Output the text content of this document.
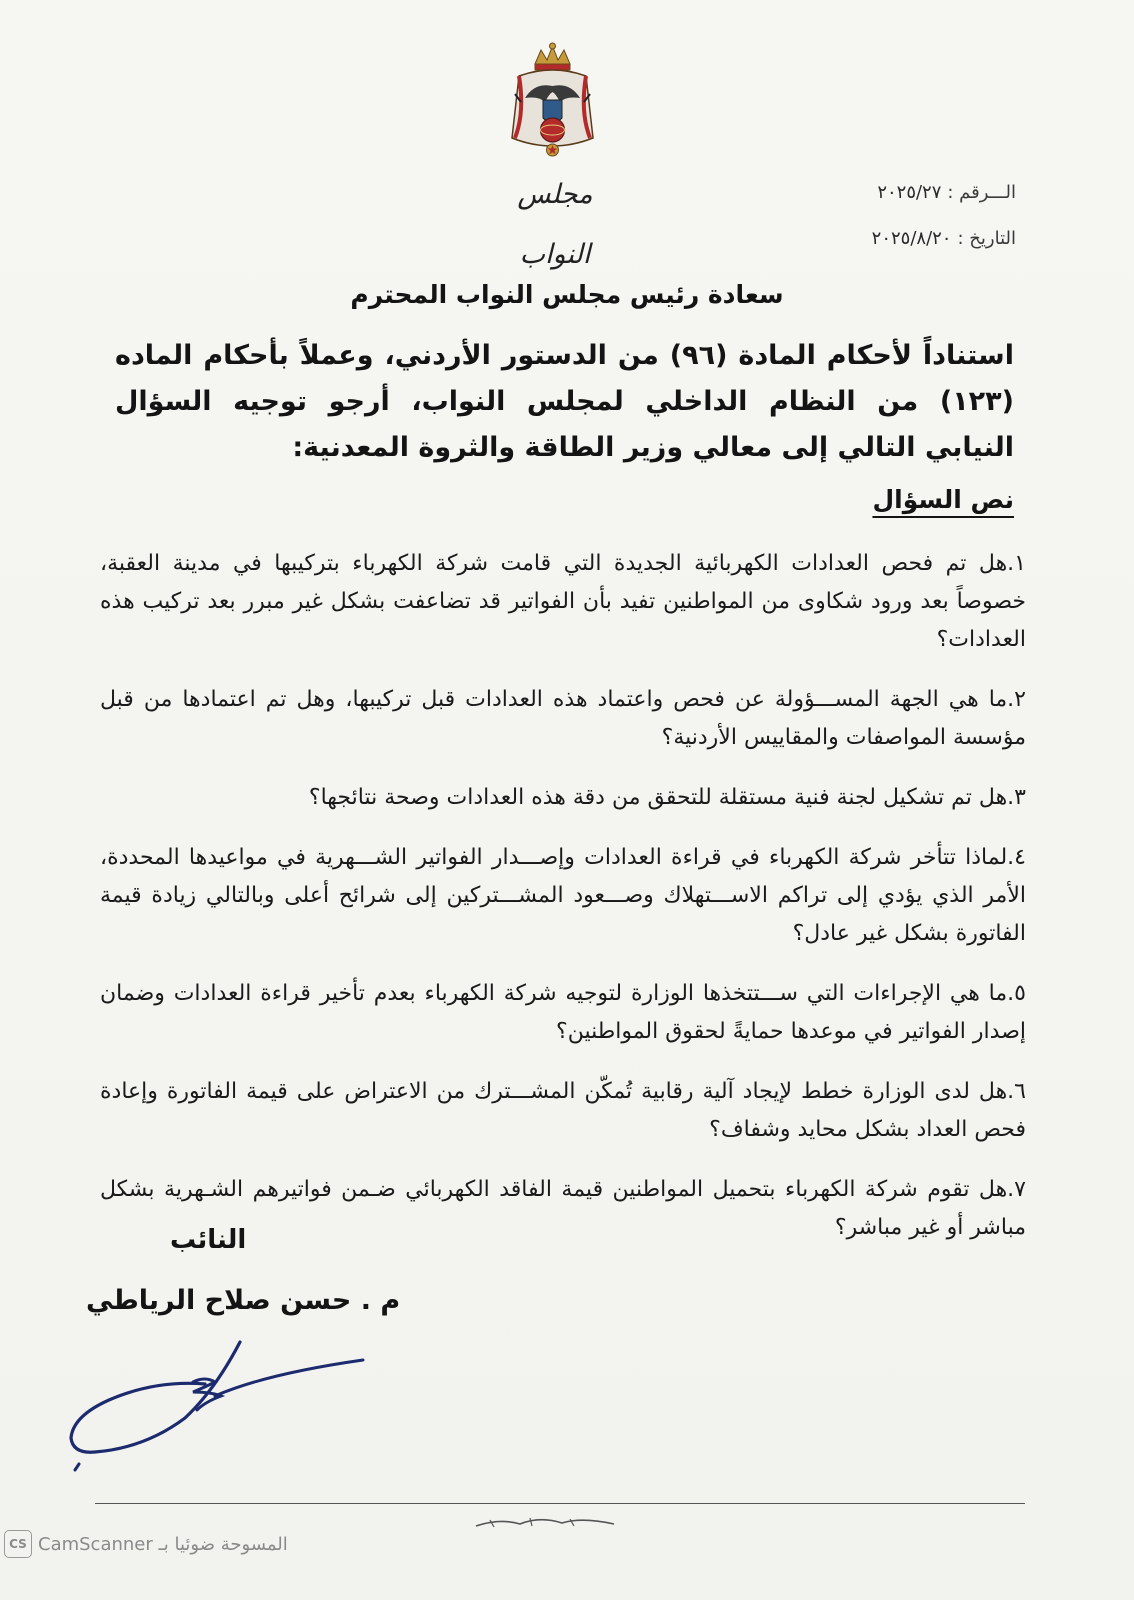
مجلس النواب
الـــرقم :٢٠٢٥/٢٧
التاريخ :٢٠٢٥/٨/٢٠
سعادة رئيس مجلس النواب المحترم
استناداً لأحكام المادة (٩٦) من الدستور الأردني، وعملاً بأحكام الماده (١٢٣) من النظام الداخلي لمجلس النواب، أرجو توجيه السؤال النيابي التالي إلى معالي وزير الطاقة والثروة المعدنية:
نص السؤال
١.هل تم فحص العدادات الكهربائية الجديدة التي قامت شركة الكهرباء بتركيبها في مدينة العقبة، خصوصاً بعد ورود شكاوى من المواطنين تفيد بأن الفواتير قد تضاعفت بشكل غير مبرر بعد تركيب هذه العدادات؟
٢.ما هي الجهة المســـؤولة عن فحص واعتماد هذه العدادات قبل تركيبها، وهل تم اعتمادها من قبل مؤسسة المواصفات والمقاييس الأردنية؟
٣.هل تم تشكيل لجنة فنية مستقلة للتحقق من دقة هذه العدادات وصحة نتائجها؟
٤.لماذا تتأخر شركة الكهرباء في قراءة العدادات وإصـــدار الفواتير الشـــهرية في مواعيدها المحددة، الأمر الذي يؤدي إلى تراكم الاســـتهلاك وصـــعود المشـــتركين إلى شرائح أعلى وبالتالي زيادة قيمة الفاتورة بشكل غير عادل؟
٥.ما هي الإجراءات التي ســـتتخذها الوزارة لتوجيه شركة الكهرباء بعدم تأخير قراءة العدادات وضمان إصدار الفواتير في موعدها حمايةً لحقوق المواطنين؟
٦.هل لدى الوزارة خطط لإيجاد آلية رقابية تُمكّن المشـــترك من الاعتراض على قيمة الفاتورة وإعادة فحص العداد بشكل محايد وشفاف؟
٧.هل تقوم شركة الكهرباء بتحميل المواطنين قيمة الفاقد الكهربائي ضـمن فواتيرهم الشـهرية بشكل مباشر أو غير مباشر؟
النائب
م . حسن صلاح الرياطي
CS المسوحة ضوئيا بـ CamScanner
